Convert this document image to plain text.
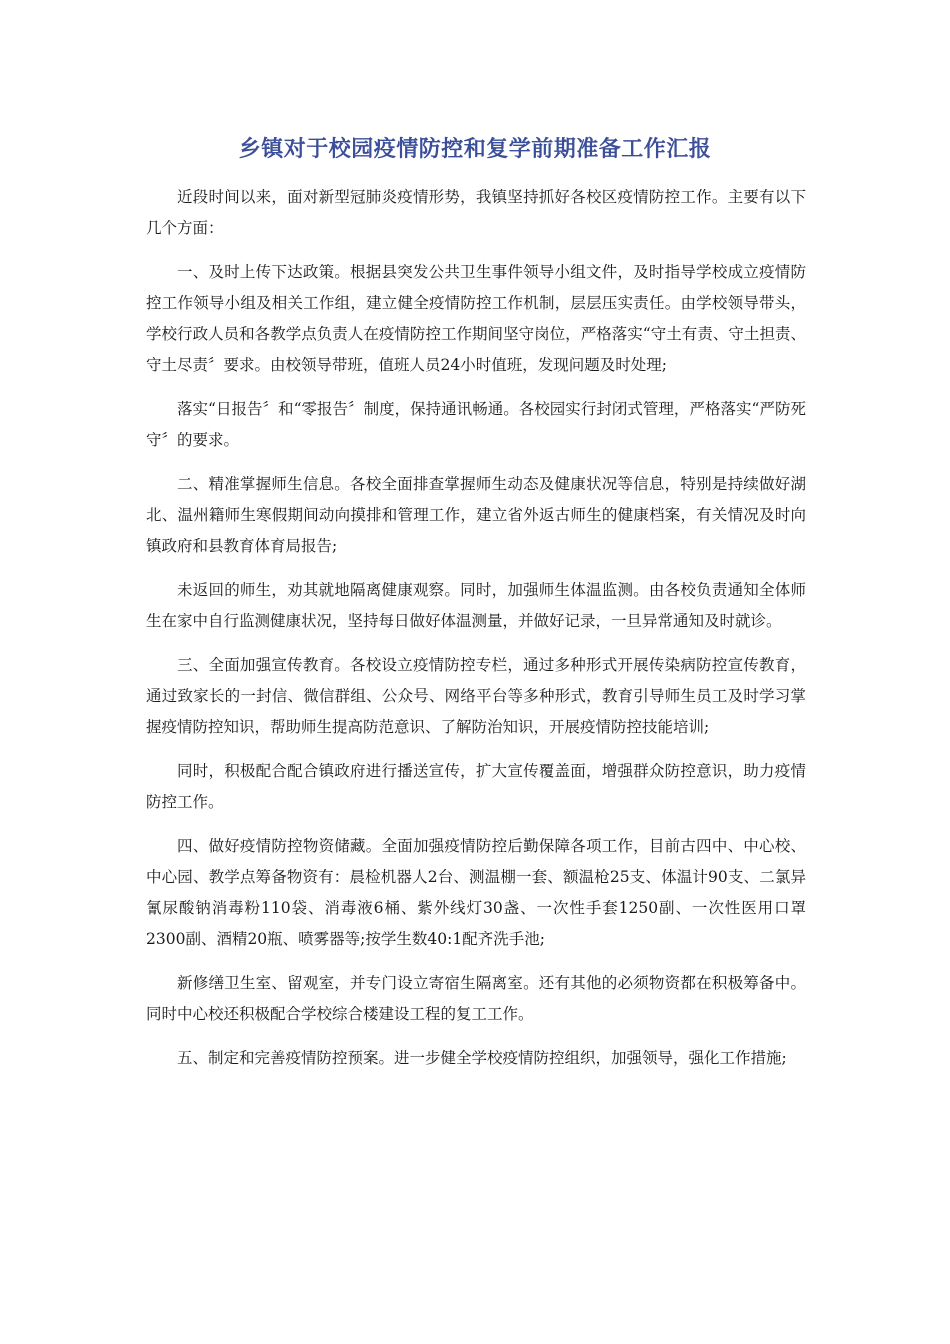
乡镇对于校园疫情防控和复学前期准备工作汇报

近段时间以来，面对新型冠肺炎疫情形势，我镇坚持抓好各校区疫情防控工作。主要有以下几个方面：

一、及时上传下达政策。根据县突发公共卫生事件领导小组文件，及时指导学校成立疫情防控工作领导小组及相关工作组，建立健全疫情防控工作机制，层层压实责任。由学校领导带头，学校行政人员和各教学点负责人在疫情防控工作期间坚守岗位，严格落实“守土有责、守土担责、守土尽责〞要求。由校领导带班，值班人员24小时值班，发现问题及时处理;

落实“日报告〞和“零报告〞制度，保持通讯畅通。各校园实行封闭式管理，严格落实“严防死守〞的要求。

二、精准掌握师生信息。各校全面排查掌握师生动态及健康状况等信息，特别是持续做好湖北、温州籍师生寒假期间动向摸排和管理工作，建立省外返古师生的健康档案，有关情况及时向镇政府和县教育体育局报告;

未返回的师生，劝其就地隔离健康观察。同时，加强师生体温监测。由各校负责通知全体师生在家中自行监测健康状况，坚持每日做好体温测量，并做好记录，一旦异常通知及时就诊。

三、全面加强宣传教育。各校设立疫情防控专栏，通过多种形式开展传染病防控宣传教育，通过致家长的一封信、微信群组、公众号、网络平台等多种形式，教育引导师生员工及时学习掌握疫情防控知识，帮助师生提高防范意识、了解防治知识，开展疫情防控技能培训;

同时，积极配合配合镇政府进行播送宣传，扩大宣传覆盖面，增强群众防控意识，助力疫情防控工作。

四、做好疫情防控物资储藏。全面加强疫情防控后勤保障各项工作，目前古四中、中心校、中心园、教学点筹备物资有：晨检机器人2台、测温棚一套、额温枪25支、体温计90支、二氯异氰尿酸钠消毒粉110袋、消毒液6桶、紫外线灯30盏、一次性手套1250副、一次性医用口罩2300副、酒精20瓶、喷雾器等;按学生数40:1配齐洗手池;

新修缮卫生室、留观室，并专门设立寄宿生隔离室。还有其他的必须物资都在积极筹备中。同时中心校还积极配合学校综合楼建设工程的复工工作。

五、制定和完善疫情防控预案。进一步健全学校疫情防控组织，加强领导，强化工作措施;
